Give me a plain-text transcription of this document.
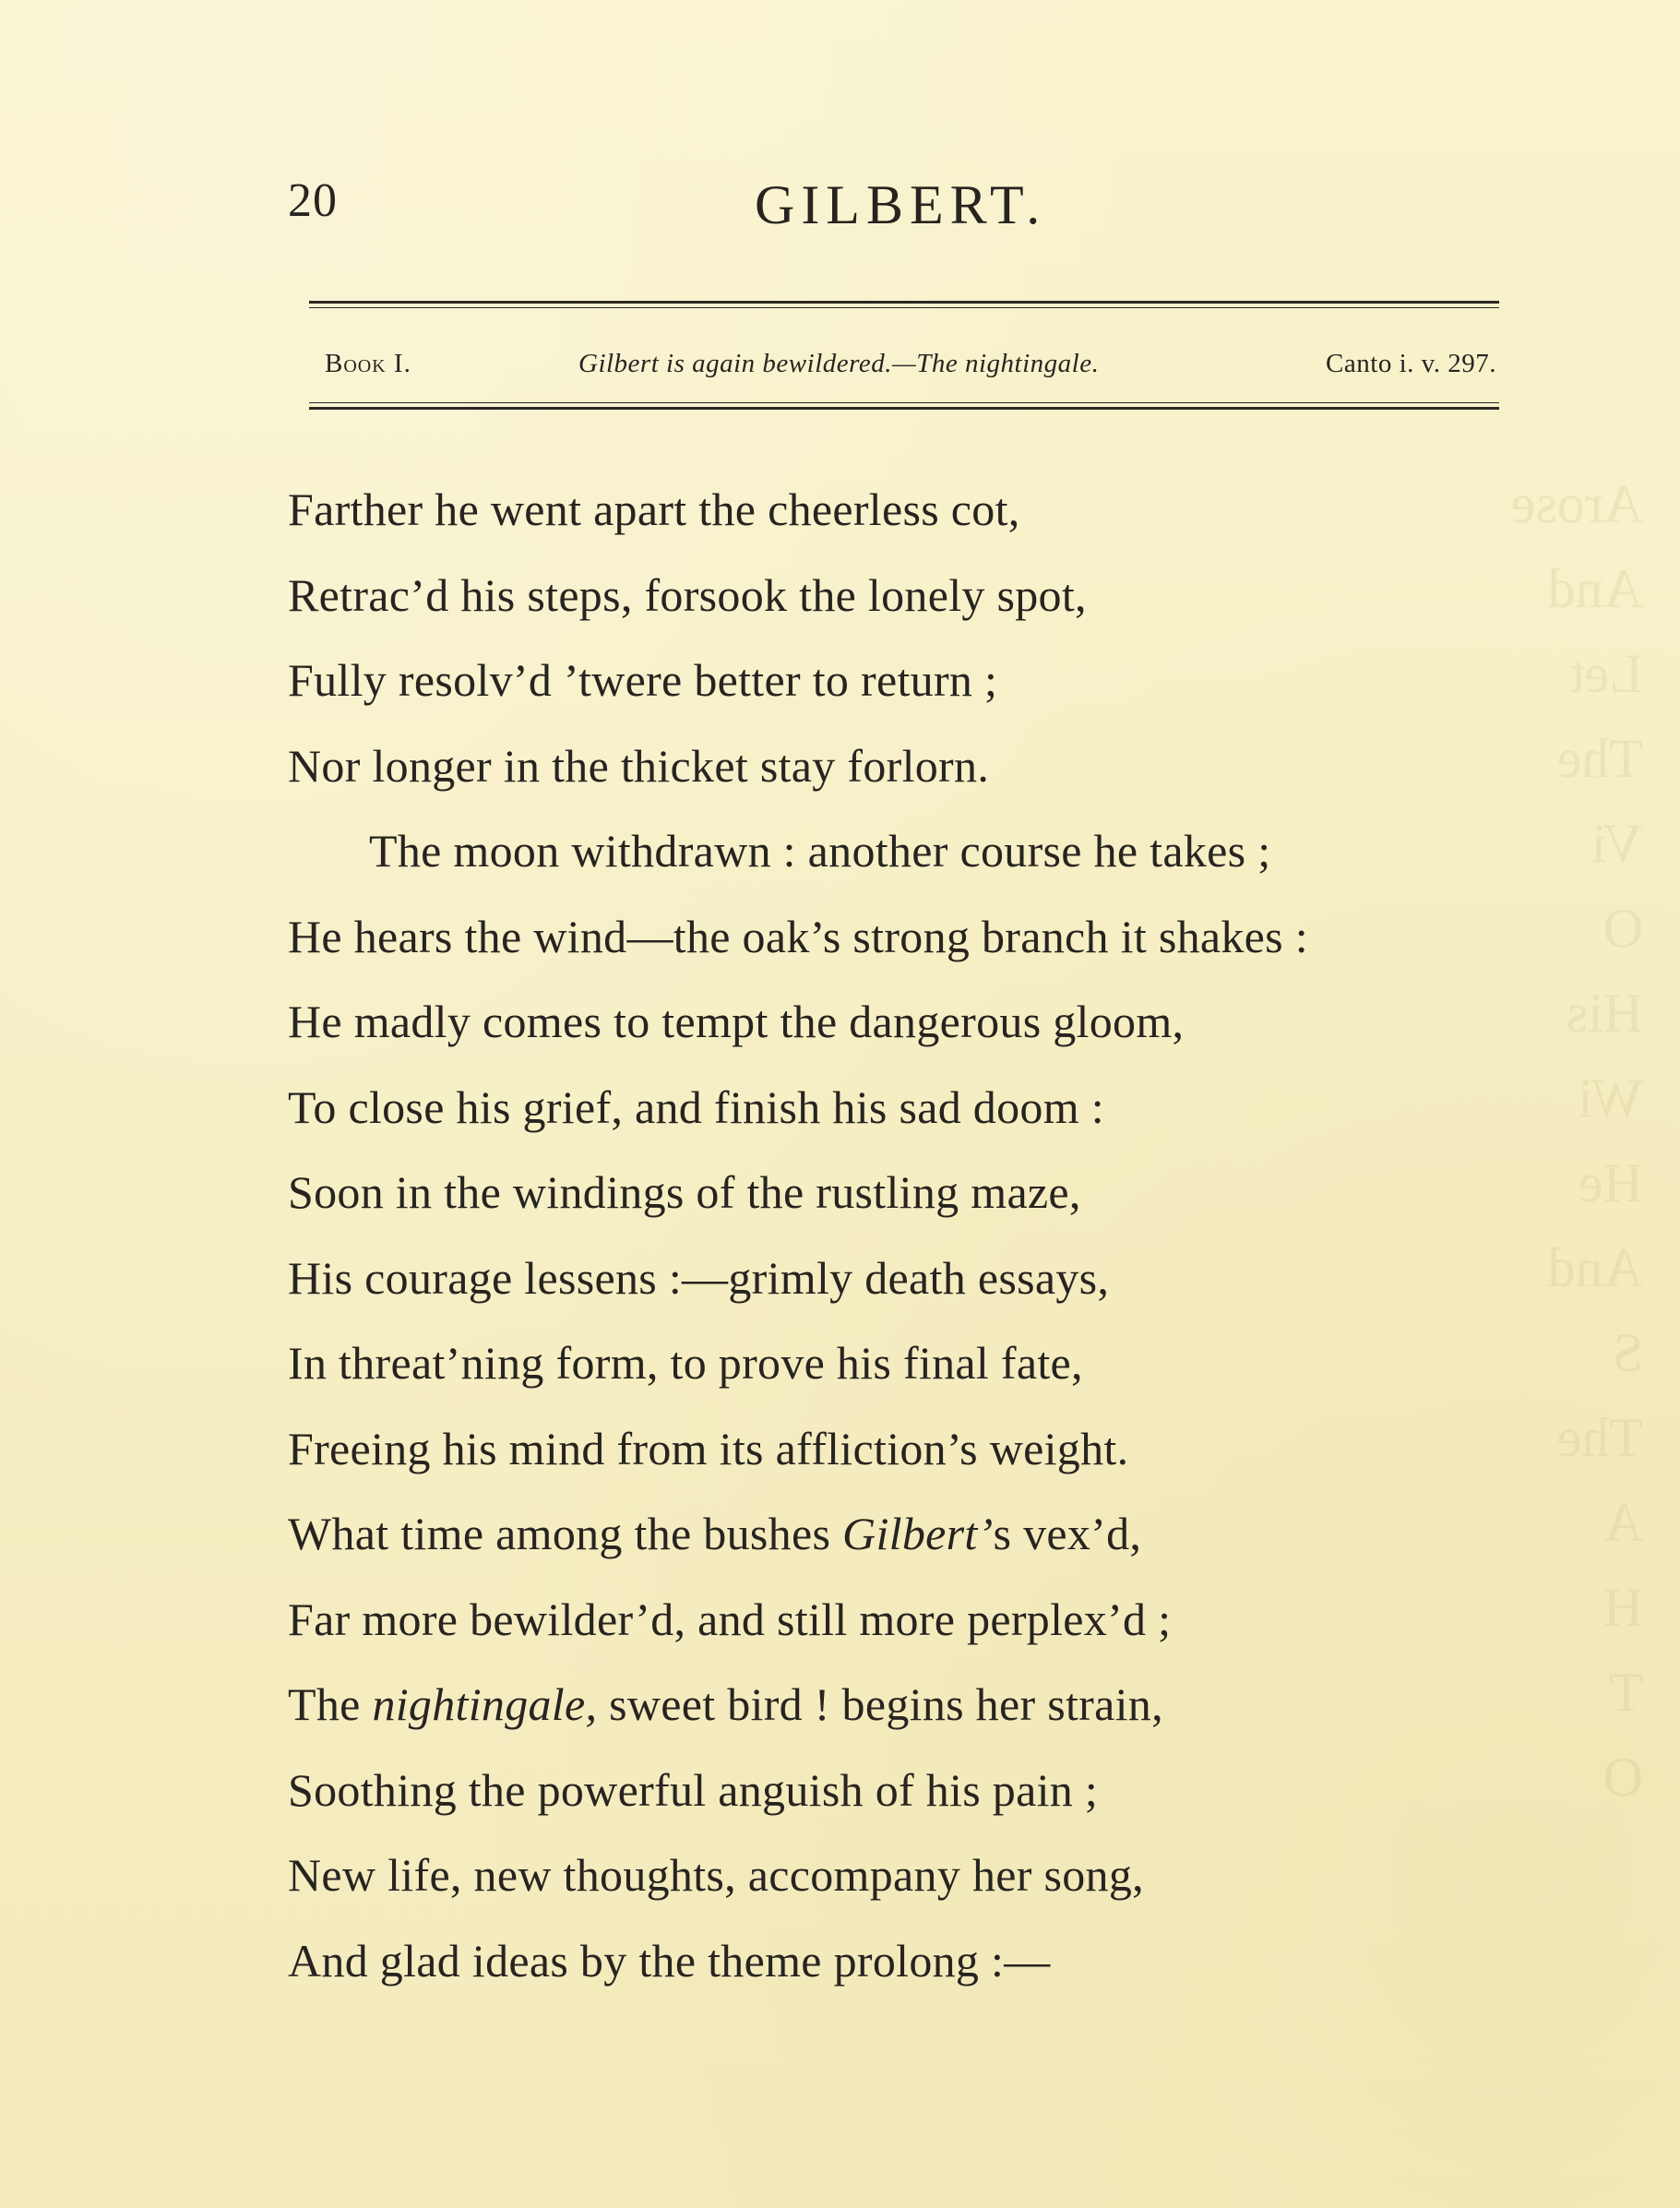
Arose
And
Let
The
Vi
O
His
Wi
He
And
S
The
A
H
T
O
20	GILBERT.
Book I.	Gilbert is again bewildered.—The nightingale.	Canto i. v. 297.
Farther he went apart the cheerless cot,
Retrac’d his steps, forsook the lonely spot,
Fully resolv’d ’twere better to return ;
Nor longer in the thicket stay forlorn.
The moon withdrawn : another course he takes ;
He hears the wind—the oak’s strong branch it shakes :
He madly comes to tempt the dangerous gloom,
To close his grief, and finish his sad doom :
Soon in the windings of the rustling maze,
His courage lessens :—grimly death essays,
In threat’ning form, to prove his final fate,
Freeing his mind from its affliction’s weight.
What time among the bushes Gilbert’s vex’d,
Far more bewilder’d, and still more perplex’d ;
The nightingale, sweet bird ! begins her strain,
Soothing the powerful anguish of his pain ;
New life, new thoughts, accompany her song,
And glad ideas by the theme prolong :—
